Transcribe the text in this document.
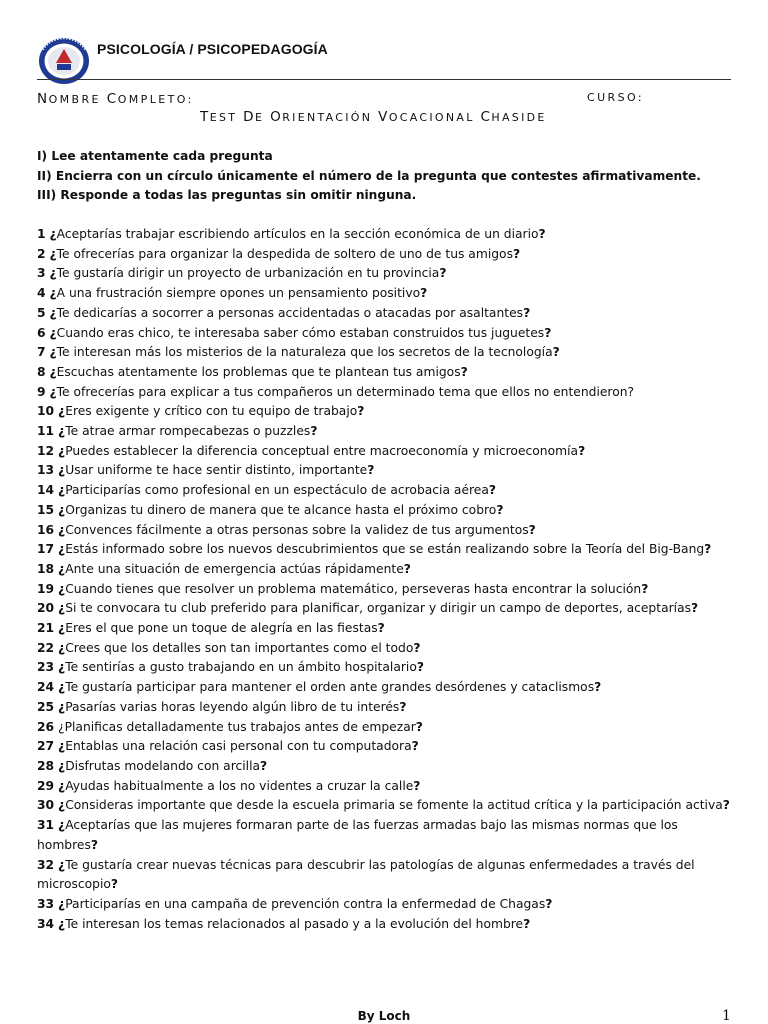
PSICOLOGÍA / PSICOPEDAGOGÍA
NOMBRE COMPLETO:	CURSO:
TEST DE ORIENTACIÓN VOCACIONAL CHASIDE
I) Lee atentamente cada pregunta
II) Encierra con un círculo únicamente el número de la pregunta que contestes afirmativamente.
III) Responde a todas las preguntas sin omitir ninguna.
1 ¿Aceptarías trabajar escribiendo artículos en la sección económica de un diario?
2 ¿Te ofrecerías para organizar la despedida de soltero de uno de tus amigos?
3 ¿Te gustaría dirigir un proyecto de urbanización en tu provincia?
4 ¿A una frustración siempre opones un pensamiento positivo?
5 ¿Te dedicarías a socorrer a personas accidentadas o atacadas por asaltantes?
6 ¿Cuando eras chico, te interesaba saber cómo estaban construidos tus juguetes?
7 ¿Te interesan más los misterios de la naturaleza que los secretos de la tecnología?
8 ¿Escuchas atentamente los problemas que te plantean tus amigos?
9 ¿Te ofrecerías para explicar a tus compañeros un determinado tema que ellos no entendieron?
10 ¿Eres exigente y crítico con tu equipo de trabajo?
11 ¿Te atrae armar rompecabezas o puzzles?
12 ¿Puedes establecer la diferencia conceptual entre macroeconomía y microeconomía?
13 ¿Usar uniforme te hace sentir distinto, importante?
14 ¿Participarías como profesional en un espectáculo de acrobacia aérea?
15 ¿Organizas tu dinero de manera que te alcance hasta el próximo cobro?
16 ¿Convences fácilmente a otras personas sobre la validez de tus argumentos?
17 ¿Estás informado sobre los nuevos descubrimientos que se están realizando sobre la Teoría del Big-Bang?
18 ¿Ante una situación de emergencia actúas rápidamente?
19 ¿Cuando tienes que resolver un problema matemático, perseveras hasta encontrar la solución?
20 ¿Si te convocara tu club preferido para planificar, organizar y dirigir un campo de deportes, aceptarías?
21 ¿Eres el que pone un toque de alegría en las fiestas?
22 ¿Crees que los detalles son tan importantes como el todo?
23 ¿Te sentirías a gusto trabajando en un ámbito hospitalario?
24 ¿Te gustaría participar para mantener el orden ante grandes desórdenes y cataclismos?
25 ¿Pasarías varias horas leyendo algún libro de tu interés?
26 ¿Planificas detalladamente tus trabajos antes de empezar?
27 ¿Entablas una relación casi personal con tu computadora?
28 ¿Disfrutas modelando con arcilla?
29 ¿Ayudas habitualmente a los no videntes a cruzar la calle?
30 ¿Consideras importante que desde la escuela primaria se fomente la actitud crítica y la participación activa?
31 ¿Aceptarías que las mujeres formaran parte de las fuerzas armadas bajo las mismas normas que los hombres?
32 ¿Te gustaría crear nuevas técnicas para descubrir las patologías de algunas enfermedades a través del microscopio?
33 ¿Participarías en una campaña de prevención contra la enfermedad de Chagas?
34 ¿Te interesan los temas relacionados al pasado y a la evolución del hombre?
By Loch	1
